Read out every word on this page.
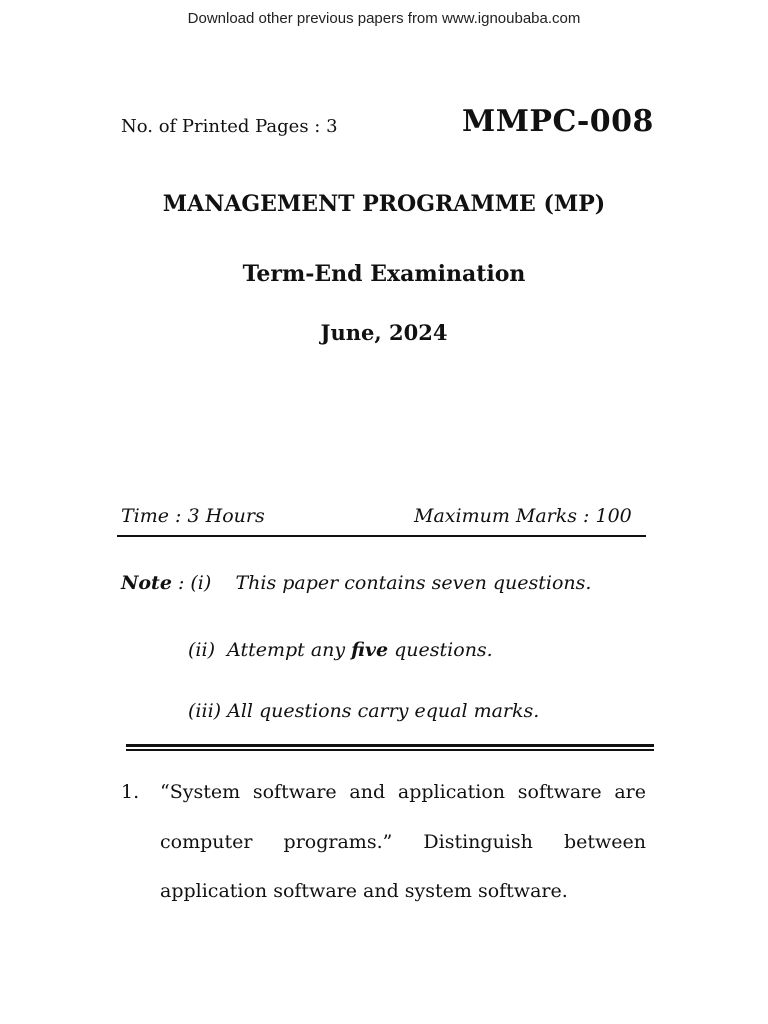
Download other previous papers from www.ignoubaba.com
No. of Printed Pages : 3	MMPC-008
MANAGEMENT PROGRAMME (MP)
Term-End Examination
June, 2024
Time : 3 Hours	Maximum Marks : 100
Note : (i)    This paper contains seven questions.
(ii)  Attempt any five questions.
(iii) All questions carry equal marks.
1. “System software and application software are
computer programs.” Distinguish between
application software and system software.
